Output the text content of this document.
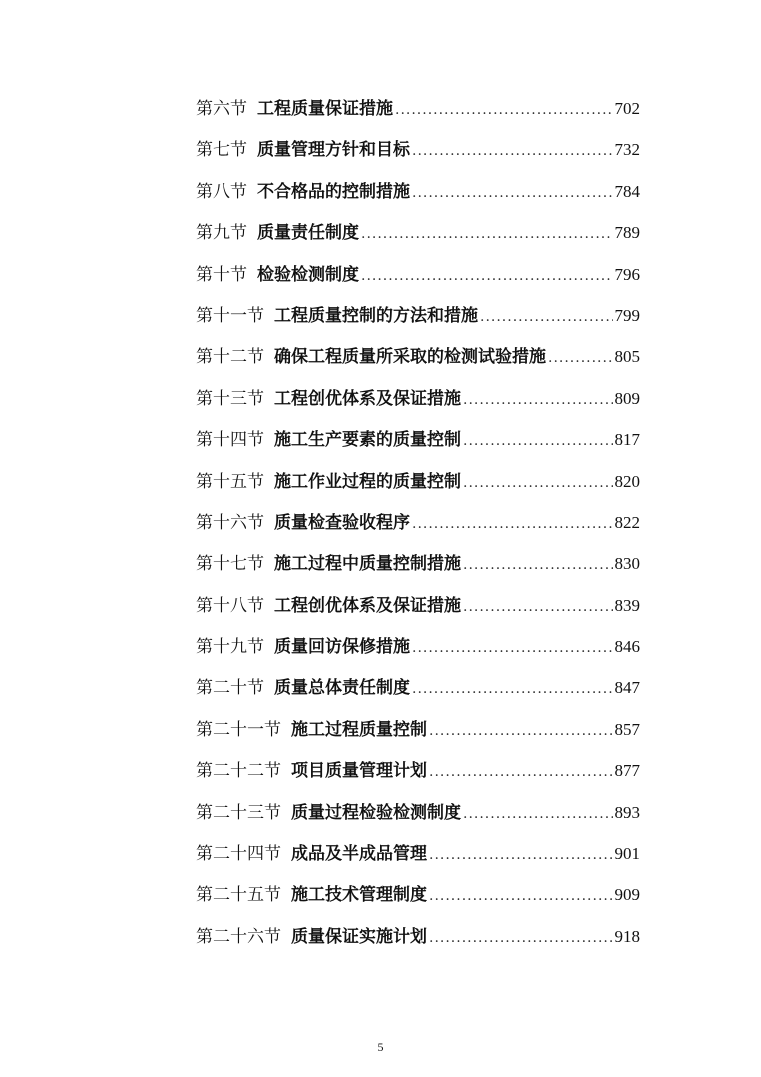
第六节 工程质量保证措施 .....	702
第七节 质量管理方针和目标 .....	732
第八节 不合格品的控制措施 .....	784
第九节 质量责任制度 .....	789
第十节 检验检测制度 .....	796
第十一节 工程质量控制的方法和措施 .....	799
第十二节 确保工程质量所采取的检测试验措施 .....	805
第十三节 工程创优体系及保证措施 .....	809
第十四节 施工生产要素的质量控制 .....	817
第十五节 施工作业过程的质量控制 .....	820
第十六节 质量检查验收程序 .....	822
第十七节 施工过程中质量控制措施 .....	830
第十八节 工程创优体系及保证措施 .....	839
第十九节 质量回访保修措施 .....	846
第二十节 质量总体责任制度 .....	847
第二十一节 施工过程质量控制 .....	857
第二十二节 项目质量管理计划 .....	877
第二十三节 质量过程检验检测制度 .....	893
第二十四节 成品及半成品管理 .....	901
第二十五节 施工技术管理制度 .....	909
第二十六节 质量保证实施计划 .....	918
5
